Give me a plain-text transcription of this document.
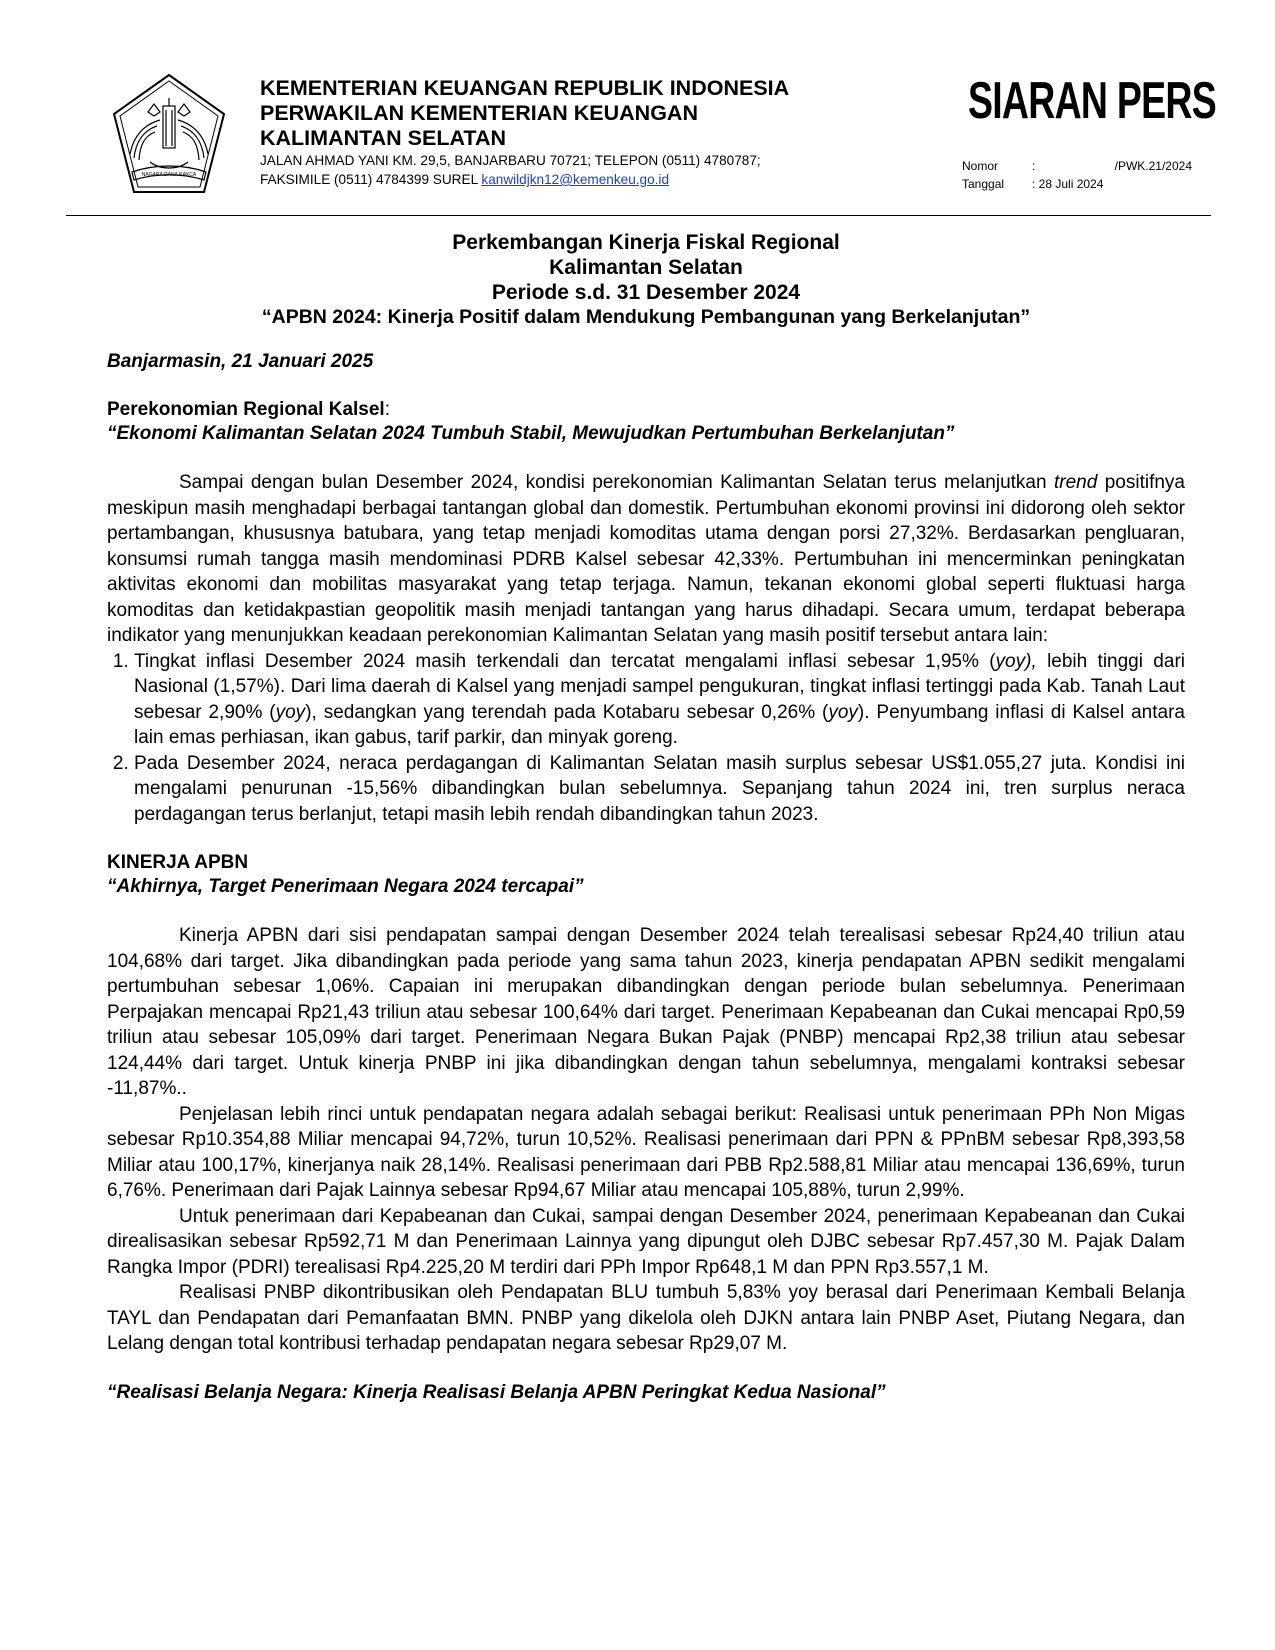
NAGARA DANA RAKCA
KEMENTERIAN KEUANGAN REPUBLIK INDONESIA
PERWAKILAN KEMENTERIAN KEUANGAN
KALIMANTAN SELATAN
JALAN AHMAD YANI KM. 29,5, BANJARBARU 70721; TELEPON (0511) 4780787;
FAKSIMILE (0511) 4784399 SUREL kanwildjkn12@kemenkeu.go.id
SIARAN PERS
Nomor	:	/PWK.21/2024
Tanggal	: 28 Juli 2024
Perkembangan Kinerja Fiskal Regional
Kalimantan Selatan
Periode s.d. 31 Desember 2024
“APBN 2024: Kinerja Positif dalam Mendukung Pembangunan yang Berkelanjutan”
Banjarmasin, 21 Januari 2025
Perekonomian Regional Kalsel:
“Ekonomi Kalimantan Selatan 2024 Tumbuh Stabil, Mewujudkan Pertumbuhan Berkelanjutan”

Sampai dengan bulan Desember 2024, kondisi perekonomian Kalimantan Selatan terus melanjutkan trend positifnya meskipun masih menghadapi berbagai tantangan global dan domestik. Pertumbuhan ekonomi provinsi ini didorong oleh sektor pertambangan, khususnya batubara, yang tetap menjadi komoditas utama dengan porsi 27,32%. Berdasarkan pengluaran, konsumsi rumah tangga masih mendominasi PDRB Kalsel sebesar 42,33%. Pertumbuhan ini mencerminkan peningkatan aktivitas ekonomi dan mobilitas masyarakat yang tetap terjaga. Namun, tekanan ekonomi global seperti fluktuasi harga komoditas dan ketidakpastian geopolitik masih menjadi tantangan yang harus dihadapi. Secara umum, terdapat beberapa indikator yang menunjukkan keadaan perekonomian Kalimantan Selatan yang masih positif tersebut antara lain:

1. Tingkat inflasi Desember 2024 masih terkendali dan tercatat mengalami inflasi sebesar 1,95% (yoy), lebih tinggi dari Nasional (1,57%). Dari lima daerah di Kalsel yang menjadi sampel pengukuran, tingkat inflasi tertinggi pada Kab. Tanah Laut sebesar 2,90% (yoy), sedangkan yang terendah pada Kotabaru sebesar 0,26% (yoy). Penyumbang inflasi di Kalsel antara lain emas perhiasan, ikan gabus, tarif parkir, dan minyak goreng.
2. Pada Desember 2024, neraca perdagangan di Kalimantan Selatan masih surplus sebesar US$1.055,27 juta. Kondisi ini mengalami penurunan -15,56% dibandingkan bulan sebelumnya. Sepanjang tahun 2024 ini, tren surplus neraca perdagangan terus berlanjut, tetapi masih lebih rendah dibandingkan tahun 2023.
KINERJA APBN
“Akhirnya, Target Penerimaan Negara 2024 tercapai”

Kinerja APBN dari sisi pendapatan sampai dengan Desember 2024 telah terealisasi sebesar Rp24,40 triliun atau 104,68% dari target. Jika dibandingkan pada periode yang sama tahun 2023, kinerja pendapatan APBN sedikit mengalami pertumbuhan sebesar 1,06%. Capaian ini merupakan dibandingkan dengan periode bulan sebelumnya. Penerimaan Perpajakan mencapai Rp21,43 triliun atau sebesar 100,64% dari target. Penerimaan Kepabeanan dan Cukai mencapai Rp0,59 triliun atau sebesar 105,09% dari target. Penerimaan Negara Bukan Pajak (PNBP) mencapai Rp2,38 triliun atau sebesar 124,44% dari target. Untuk kinerja PNBP ini jika dibandingkan dengan tahun sebelumnya, mengalami kontraksi sebesar -11,87%..

Penjelasan lebih rinci untuk pendapatan negara adalah sebagai berikut: Realisasi untuk penerimaan PPh Non Migas sebesar Rp10.354,88 Miliar mencapai 94,72%, turun 10,52%. Realisasi penerimaan dari PPN & PPnBM sebesar Rp8,393,58 Miliar atau 100,17%, kinerjanya naik 28,14%. Realisasi penerimaan dari PBB Rp2.588,81 Miliar atau mencapai 136,69%, turun 6,76%. Penerimaan dari Pajak Lainnya sebesar Rp94,67 Miliar atau mencapai 105,88%, turun 2,99%.

Untuk penerimaan dari Kepabeanan dan Cukai, sampai dengan Desember 2024, penerimaan Kepabeanan dan Cukai direalisasikan sebesar Rp592,71 M dan Penerimaan Lainnya yang dipungut oleh DJBC sebesar Rp7.457,30 M. Pajak Dalam Rangka Impor (PDRI) terealisasi Rp4.225,20 M terdiri dari PPh Impor Rp648,1 M dan PPN Rp3.557,1 M.

Realisasi PNBP dikontribusikan oleh Pendapatan BLU tumbuh 5,83% yoy berasal dari Penerimaan Kembali Belanja TAYL dan Pendapatan dari Pemanfaatan BMN. PNBP yang dikelola oleh DJKN antara lain PNBP Aset, Piutang Negara, dan Lelang dengan total kontribusi terhadap pendapatan negara sebesar Rp29,07 M.

“Realisasi Belanja Negara: Kinerja Realisasi Belanja APBN Peringkat Kedua Nasional”
